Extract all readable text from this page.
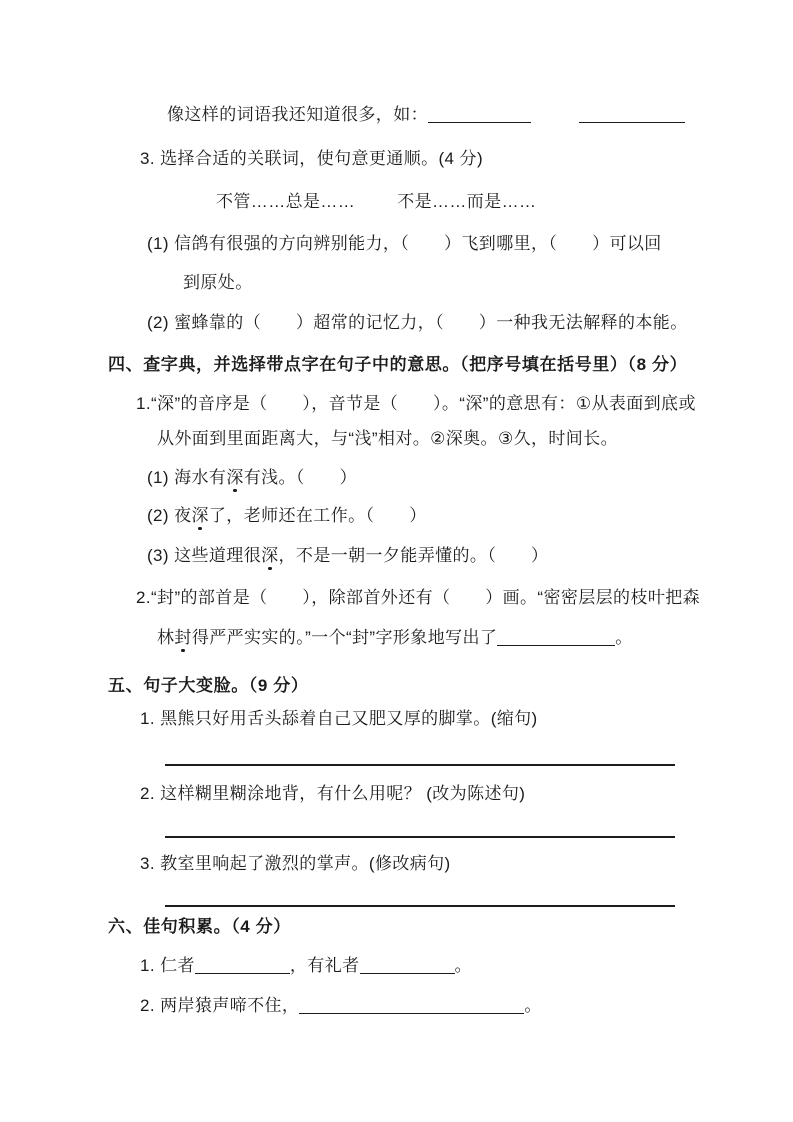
像这样的词语我还知道很多，如：
3. 选择合适的关联词，使句意更通顺。(4 分)
不管……总是…… 不是……而是……
(1) 信鸽有很强的方向辨别能力，（　　）飞到哪里，（　　）可以回
到原处。
(2) 蜜蜂靠的（　　）超常的记忆力，（　　）一种我无法解释的本能。
四、查字典，并选择带点字在句子中的意思。（把序号填在括号里）（8 分）
1.“深”的音序是（　　），音节是（　　）。“深”的意思有：①从表面到底或
从外面到里面距离大，与“浅”相对。②深奥。③久，时间长。
(1) 海水有深有浅。（　　）
(2) 夜深了，老师还在工作。（　　）
(3) 这些道理很深，不是一朝一夕能弄懂的。（　　）
2.“封”的部首是（　　），除部首外还有（　　）画。“密密层层的枝叶把森
林封得严严实实的。”一个“封”字形象地写出了	。
五、句子大变脸。（9 分）
1. 黑熊只好用舌头舔着自己又肥又厚的脚掌。(缩句)
2. 这样糊里糊涂地背，有什么用呢？ (改为陈述句)
3. 教室里响起了激烈的掌声。(修改病句)
六、佳句积累。（4 分）
1. 仁者	，有礼者	。
2. 两岸猿声啼不住，	。
